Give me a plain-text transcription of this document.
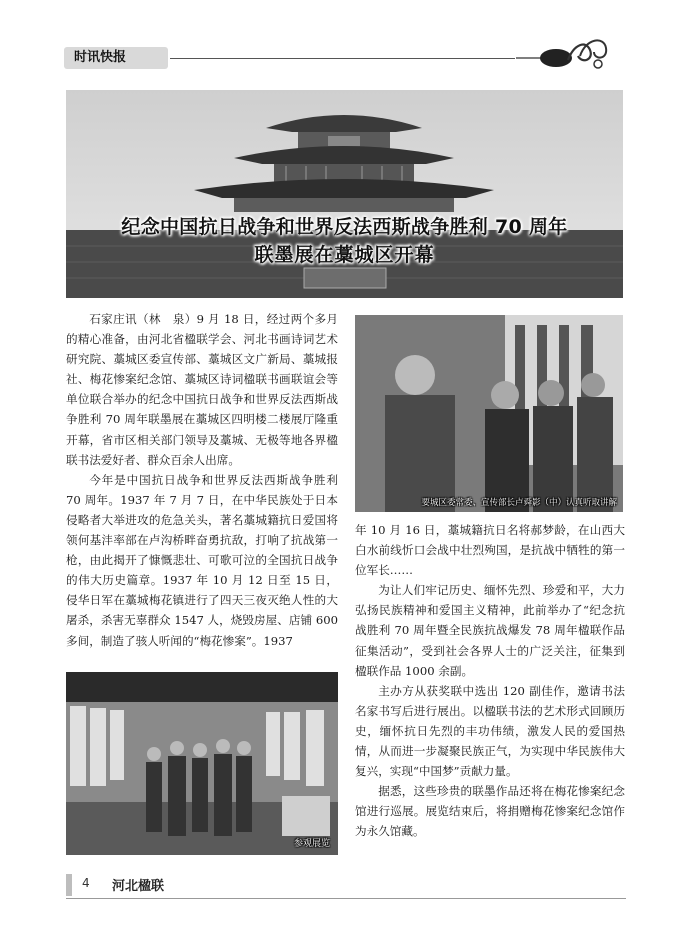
时讯快报
纪念中国抗日战争和世界反法西斯战争胜利 70 周年
联墨展在藁城区开幕

石家庄讯（林　泉）9 月 18 日，经过两个多月的精心准备，由河北省楹联学会、河北书画诗词艺术研究院、藁城区委宣传部、藁城区文广新局、藁城报社、梅花惨案纪念馆、藁城区诗词楹联书画联谊会等单位联合举办的纪念中国抗日战争和世界反法西斯战争胜利 70 周年联墨展在藁城区四明楼二楼展厅隆重开幕，省市区相关部门领导及藁城、无极等地各界楹联书法爱好者、群众百余人出席。

今年是中国抗日战争和世界反法西斯战争胜利 70 周年。1937 年 7 月 7 日，在中华民族处于日本侵略者大举进攻的危急关头，著名藁城籍抗日爱国将领何基沣率部在卢沟桥畔奋勇抗敌，打响了抗战第一枪，由此揭开了慷慨悲壮、可歌可泣的全国抗日战争的伟大历史篇章。1937 年 10 月 12 日至 15 日，侵华日军在藁城梅花镇进行了四天三夜灭绝人性的大屠杀，杀害无辜群众 1547 人，烧毁房屋、店铺 600 多间，制造了骇人听闻的“梅花惨案”。1937

要城区委常委、宣传部长卢舜影（中）认真听取讲解

年 10 月 16 日，藁城籍抗日名将郝梦龄，在山西大白水前线忻口会战中壮烈殉国，是抗战中牺牲的第一位军长……

为让人们牢记历史、缅怀先烈、珍爱和平，大力弘扬民族精神和爱国主义精神，此前举办了“纪念抗战胜利 70 周年暨全民族抗战爆发 78 周年楹联作品征集活动”，受到社会各界人士的广泛关注，征集到楹联作品 1000 余副。

主办方从获奖联中选出 120 副佳作，邀请书法名家书写后进行展出。以楹联书法的艺术形式回顾历史，缅怀抗日先烈的丰功伟绩，激发人民的爱国热情，从而进一步凝聚民族正气，为实现中华民族伟大复兴，实现“中国梦”贡献力量。

据悉，这些珍贵的联墨作品还将在梅花惨案纪念馆进行巡展。展览结束后，将捐赠梅花惨案纪念馆作为永久馆藏。

参观展览
4 河北楹联
